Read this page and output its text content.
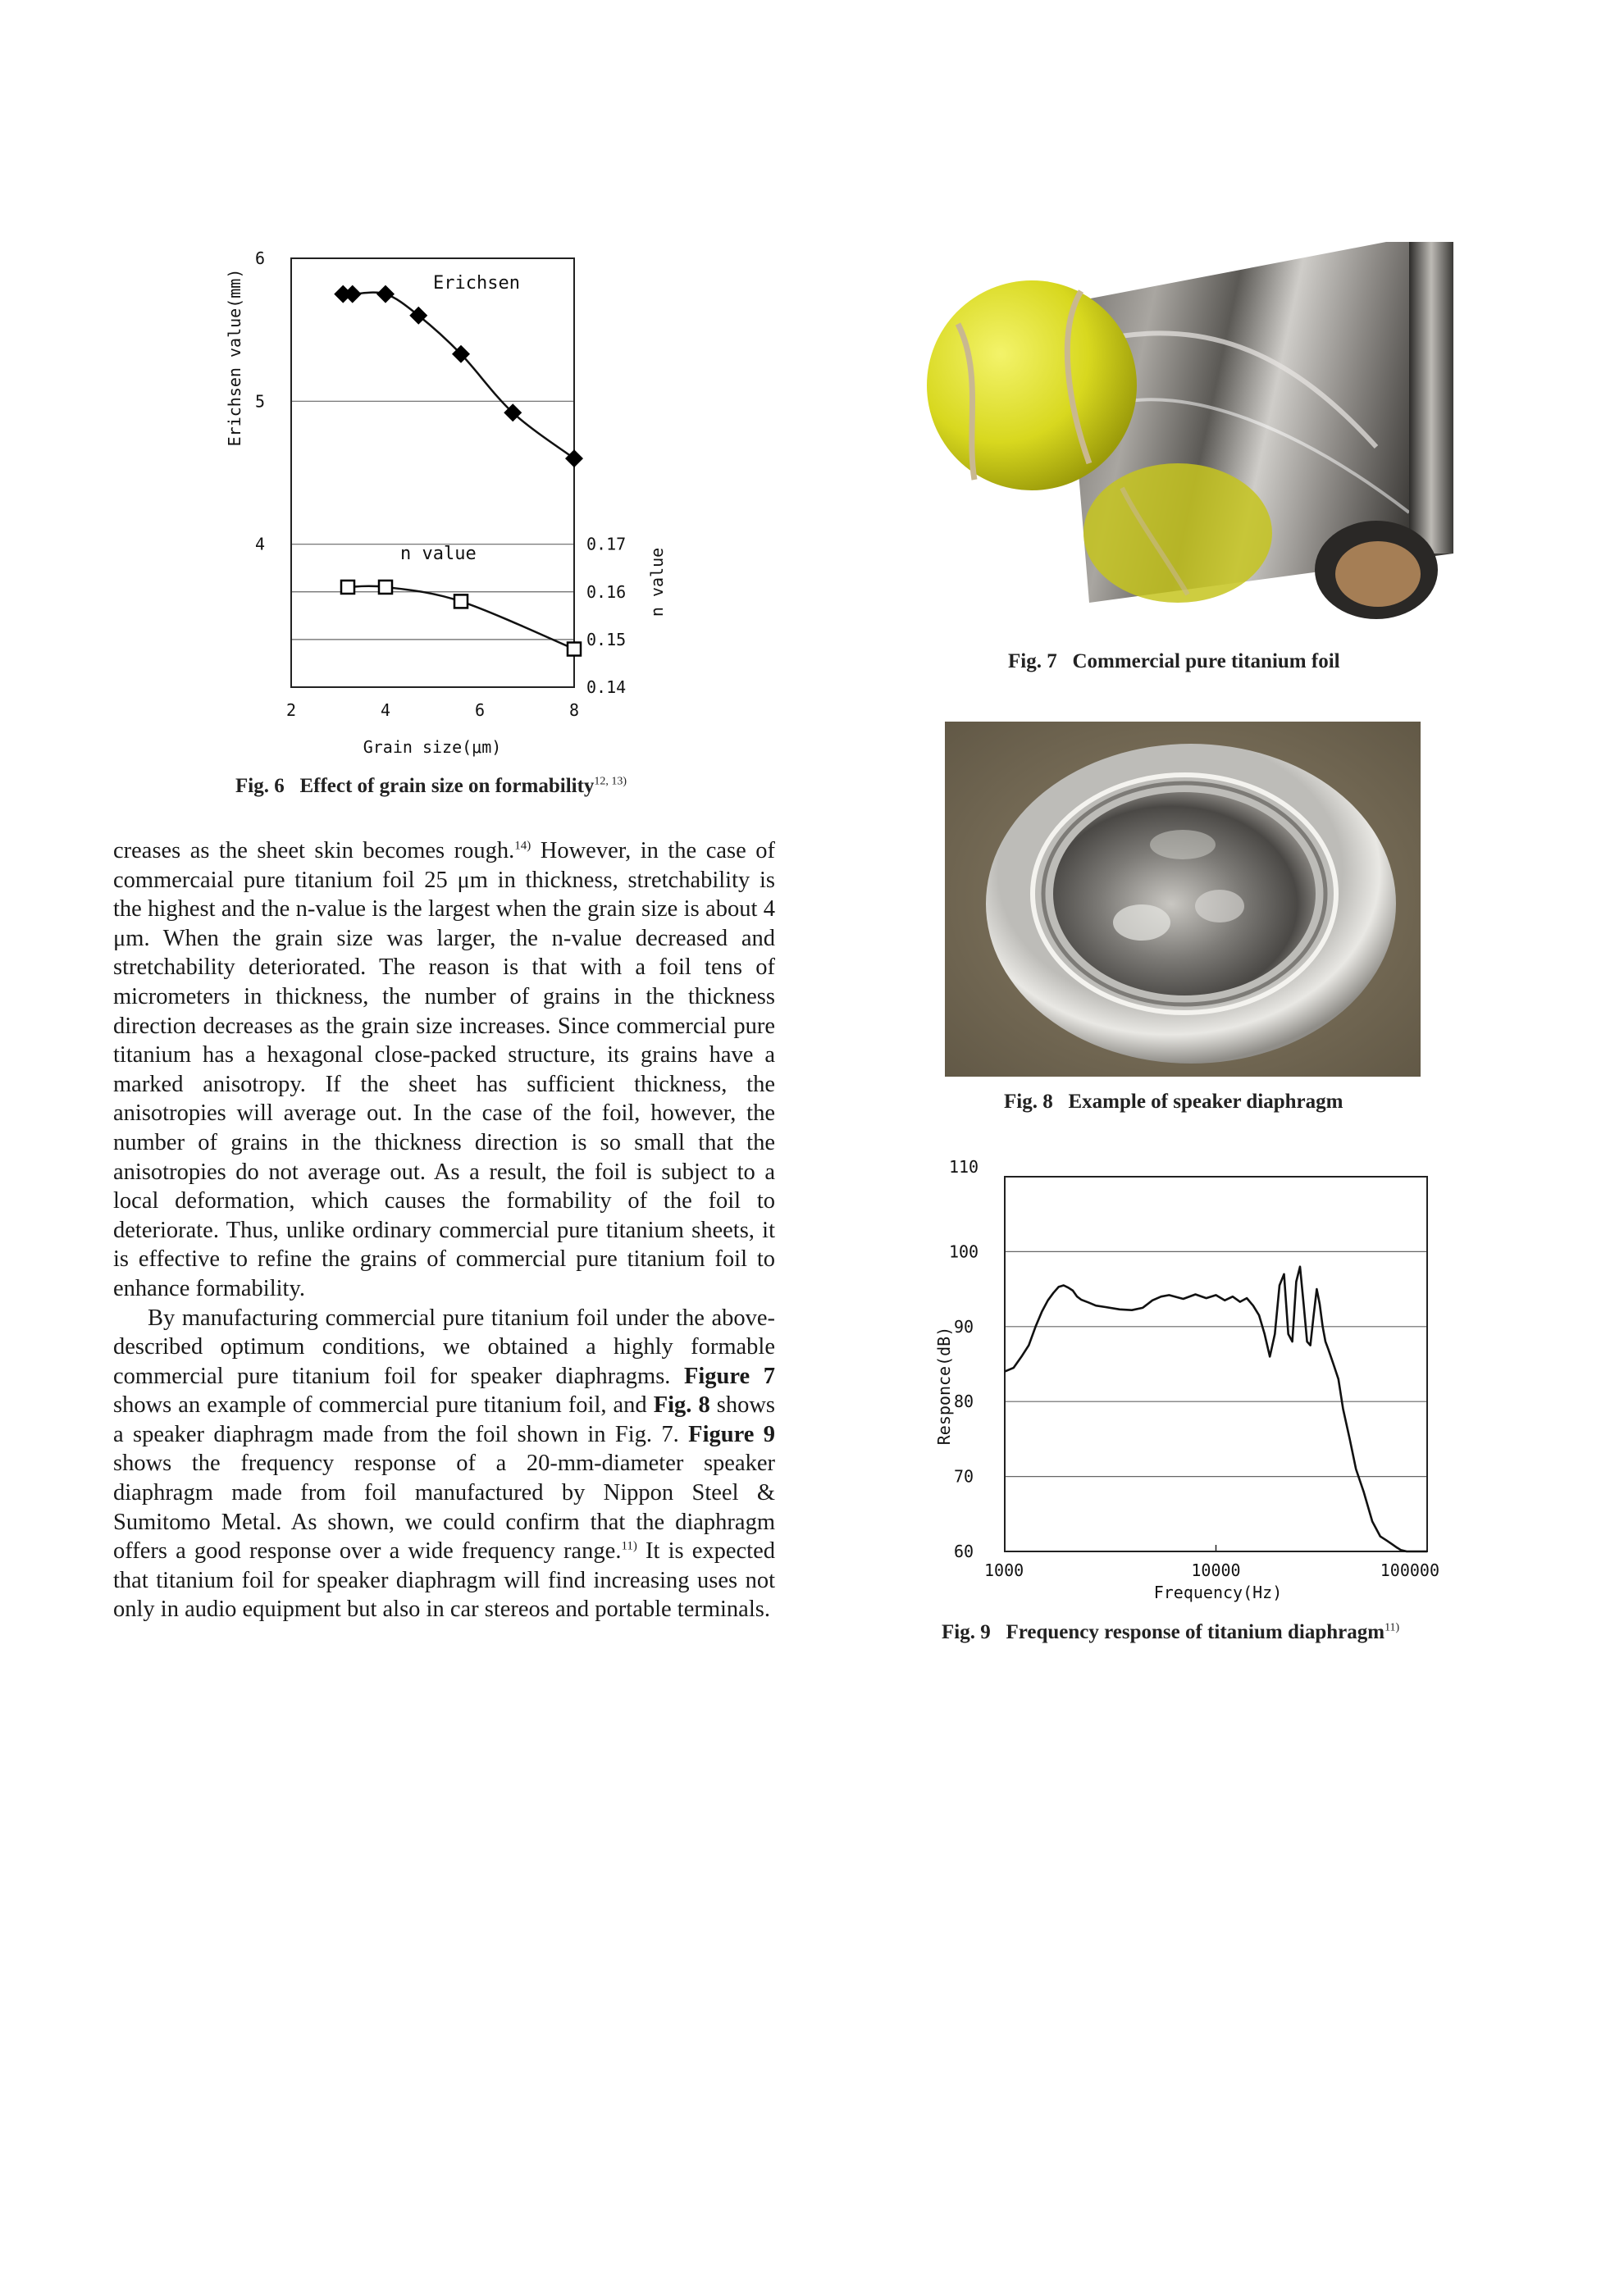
4
5
6
0.14
0.15
0.16
0.17
2	4	6	8
Erichsen
n value
Erichsen value(mm)
n value
Grain size(μm)
Fig. 6 Effect of grain size on formability$^{12, 13)}$
Fig. 7 Commercial pure titanium foil
Fig. 8 Example of speaker diaphragm
60
70
80
90
100
110
1000	10000	100000
Responce(dB)
Frequency(Hz)
Fig. 9 Frequency response of titanium diaphragm$^{11)}$

creases as the sheet skin becomes rough.$^{14)}$ However, in the case of commercaial pure titanium foil 25 μm in thickness, stretchability is the highest and the n-value is the largest when the grain size is about 4 μm. When the grain size was larger, the n-value decreased and stretchability deteriorated. The reason is that with a foil tens of micrometers in thickness, the number of grains in the thickness direction decreases as the grain size increases. Since commercial pure titanium has a hexagonal close-packed structure, its grains have a marked anisotropy. If the sheet has sufficient thickness, the anisotropies will average out. In the case of the foil, however, the number of grains in the thickness direction is so small that the anisotropies do not average out. As a result, the foil is subject to a local deformation, which causes the formability of the foil to deteriorate. Thus, unlike ordinary commercial pure titanium sheets, it is effective to refine the grains of commercial pure titanium foil to enhance formability.

By manufacturing commercial pure titanium foil under the above-described optimum conditions, we obtained a highly formable commercial pure titanium foil for speaker diaphragms. Figure 7 shows an example of commercial pure titanium foil, and Fig. 8 shows a speaker diaphragm made from the foil shown in Fig. 7. Figure 9 shows the frequency response of a 20-mm-diameter speaker diaphragm made from foil manufactured by Nippon Steel & Sumitomo Metal. As shown, we could confirm that the diaphragm offers a good response over a wide frequency range.$^{11)}$ It is expected that titanium foil for speaker diaphragm will find increasing uses not only in audio equipment but also in car stereos and portable terminals.
